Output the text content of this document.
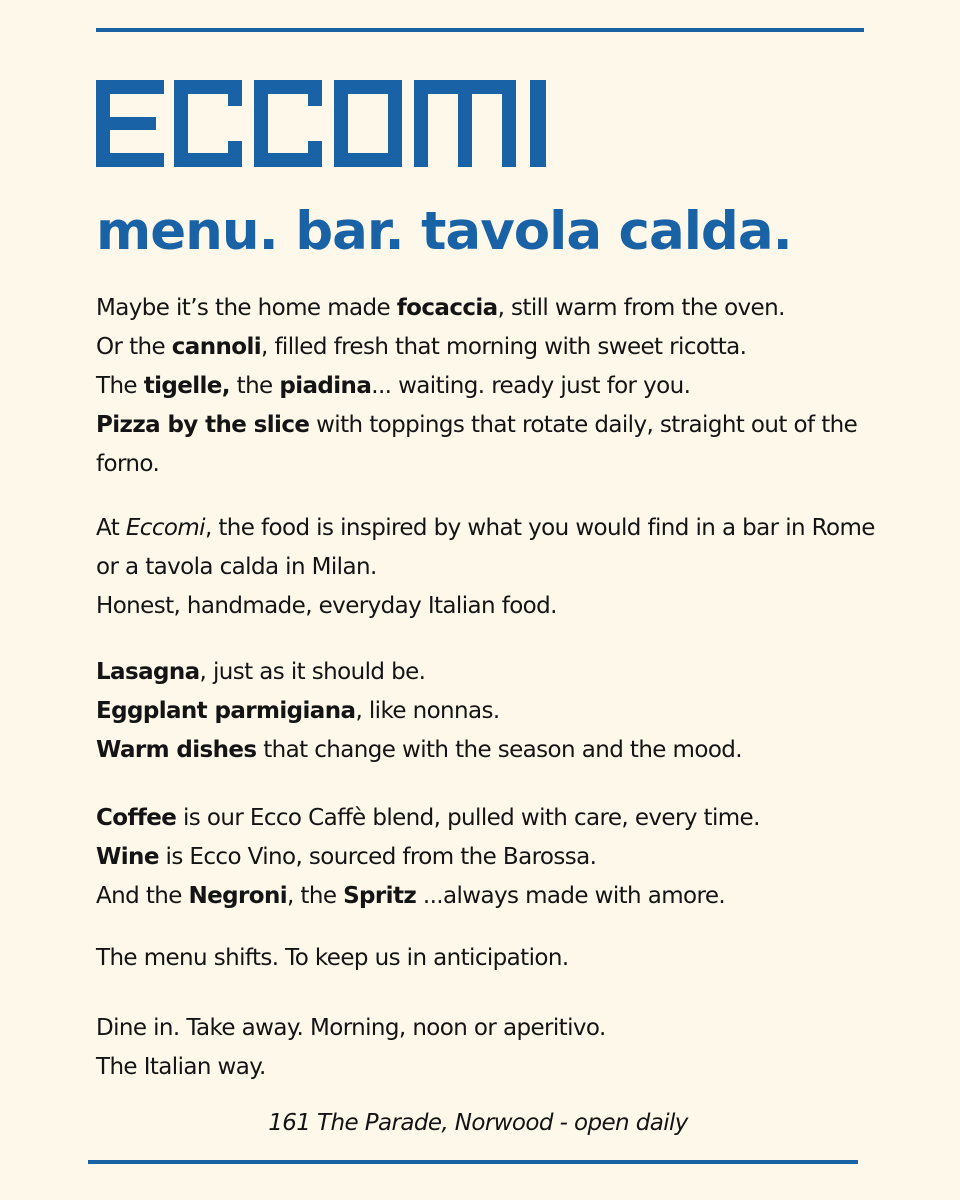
menu. bar. tavola calda.

Maybe it’s the home made focaccia, still warm from the oven.

Or the cannoli, filled fresh that morning with sweet ricotta.

The tigelle, the piadina... waiting. ready just for you.

Pizza by the slice with toppings that rotate daily, straight out of the forno.

At Eccomi, the food is inspired by what you would find in a bar in Rome or a tavola calda in Milan.

Honest, handmade, everyday Italian food.

Lasagna, just as it should be.

Eggplant parmigiana, like nonnas.

Warm dishes that change with the season and the mood.

Coffee is our Ecco Caffè blend, pulled with care, every time.

Wine is Ecco Vino, sourced from the Barossa.

And the Negroni, the Spritz ...always made with amore.

The menu shifts. To keep us in anticipation.

Dine in. Take away. Morning, noon or aperitivo.

The Italian way.

161 The Parade, Norwood - open daily
